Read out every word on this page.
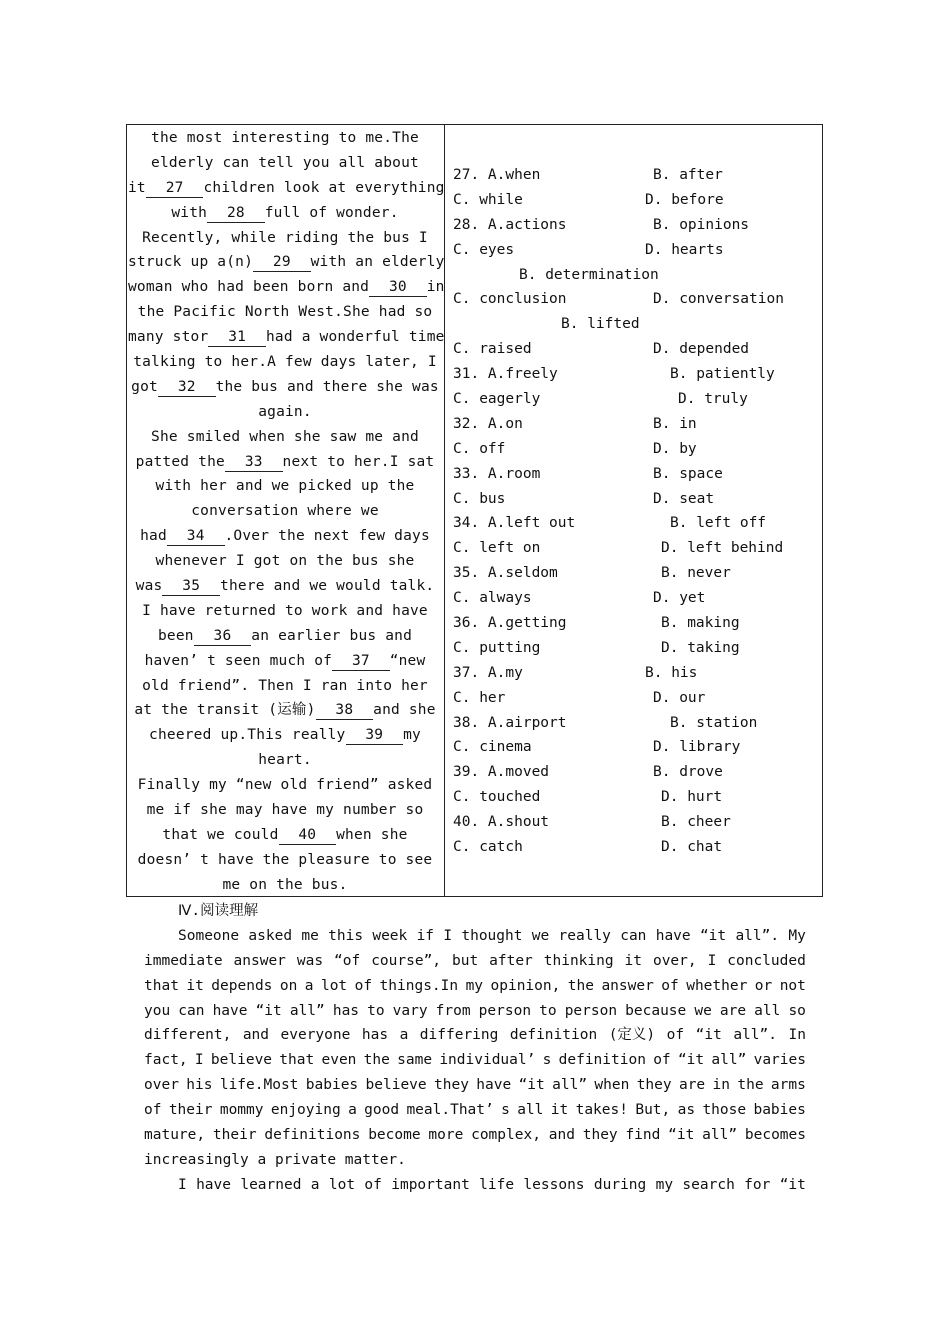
the most interesting to me.The
elderly can tell you all about
it  27  children look at everything
with  28  full of wonder.
Recently, while riding the bus I
struck up a(n)  29  with an elderly
woman who had been born and  30  in
the Pacific North West.She had so
many stor  31  had a wonderful time
talking to her.A few days later, I
got  32  the bus and there she was
again.
She smiled when she saw me and
patted the  33  next to her.I sat
with her and we picked up the
conversation where we
had  34  .Over the next few days
whenever I got on the bus she
was  35  there and we would talk.
I have returned to work and have
been  36  an earlier bus and
haven’ t seen much of  37  “new
old friend”. Then I ran into her
at the transit (运输)  38  and she
cheered up.This really  39  my
heart.
Finally my “new old friend” asked
me if she may have my number so
that we could  40  when she
doesn’ t have the pleasure to see
me on the bus.
27. A.when	B. after
C. while	D. before
28. A.actions	B. opinions
C. eyes	D. hearts
B. determination
C. conclusion	D. conversation
B. lifted
C. raised	D. depended
31. A.freely	B. patiently
C. eagerly	D. truly
32. A.on	B. in
C. off	D. by
33. A.room	B. space
C. bus	D. seat
34. A.left out	B. left off
C. left on	D. left behind
35. A.seldom	B. never
C. always	D. yet
36. A.getting	B. making
C. putting	D. taking
37. A.my	B. his
C. her	D. our
38. A.airport	B. station
C. cinema	D. library
39. A.moved	B. drove
C. touched	D. hurt
40. A.shout	B. cheer
C. catch	D. chat
Ⅳ.阅读理解
Someone asked me this week if I thought we really can have “it all”. My
immediate answer was “of course”, but after thinking it over, I concluded
that it depends on a lot of things.In my opinion, the answer of whether or not
you can have “it all” has to vary from person to person because we are all so
different, and everyone has a differing definition (定义) of “it all”. In
fact, I believe that even the same individual’ s definition of “it all” varies
over his life.Most babies believe they have “it all” when they are in the arms
of their mommy enjoying a good meal.That’ s all it takes! But, as those babies
mature, their definitions become more complex, and they find “it all” becomes
increasingly a private matter.
I have learned a lot of important life lessons during my search for “it
